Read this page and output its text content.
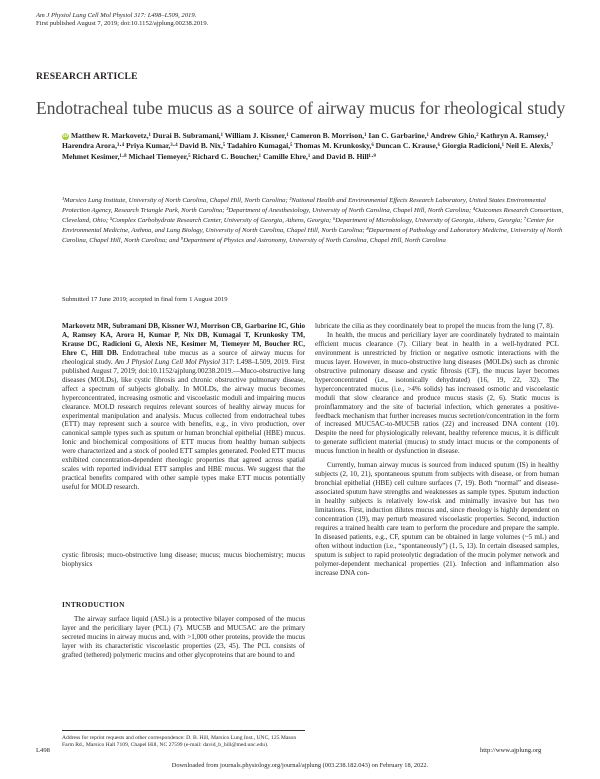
Am J Physiol Lung Cell Mol Physiol 317: L498–L509, 2019.
First published August 7, 2019; doi:10.1152/ajplung.00238.2019.
RESEARCH ARTICLE
Endotracheal tube mucus as a source of airway mucus for rheological study
iD Matthew R. Markovetz,¹ Durai B. Subramani,¹ William J. Kissner,¹ Cameron B. Morrison,¹ Ian C. Garbarine,¹ Andrew Ghio,² Kathryn A. Ramsey,¹ Harendra Arora,³·⁴ Priya Kumar,³·⁴ David B. Nix,⁵ Tadahiro Kumagai,⁵ Thomas M. Krunkosky,⁶ Duncan C. Krause,⁶ Giorgia Radicioni,¹ Neil E. Alexis,⁷ Mehmet Kesimer,¹·⁸ Michael Tiemeyer,⁵ Richard C. Boucher,¹ Camille Ehre,¹ and David B. Hill¹·⁹
¹Marsico Lung Institute, University of North Carolina, Chapel Hill, North Carolina; ²National Health and Environmental Effects Research Laboratory, United States Environmental Protection Agency, Research Triangle Park, North Carolina; ³Department of Anesthesiology, University of North Carolina, Chapel Hill, North Carolina; ⁴Outcomes Research Consortium, Cleveland, Ohio; ⁵Complex Carbohydrate Research Center, University of Georgia, Athens, Georgia; ⁶Department of Microbiology, University of Georgia, Athens, Georgia; ⁷Center for Environmental Medicine, Asthma, and Lung Biology, University of North Carolina, Chapel Hill, North Carolina; ⁸Department of Pathology and Laboratory Medicine, University of North Carolina, Chapel Hill, North Carolina; and ⁹Department of Physics and Astronomy, University of North Carolina, Chapel Hill, North Carolina
Submitted 17 June 2019; accepted in final form 1 August 2019
Markovetz MR, Subramani DB, Kissner WJ, Morrison CB, Garbarine IC, Ghio A, Ramsey KA, Arora H, Kumar P, Nix DB, Kumagai T, Krunkosky TM, Krause DC, Radicioni G, Alexis NE, Kesimer M, Tiemeyer M, Boucher RC, Ehre C, Hill DB. Endotracheal tube mucus as a source of airway mucus for rheological study. Am J Physiol Lung Cell Mol Physiol 317: L498–L509, 2019. First published August 7, 2019; doi:10.1152/ajplung.00238.2019.—Muco-obstructive lung diseases (MOLDs), like cystic fibrosis and chronic obstructive pulmonary disease, affect a spectrum of subjects globally. In MOLDs, the airway mucus becomes hyperconcentrated, increasing osmotic and viscoelastic moduli and impairing mucus clearance. MOLD research requires relevant sources of healthy airway mucus for experimental manipulation and analysis. Mucus collected from endotracheal tubes (ETT) may represent such a source with benefits, e.g., in vivo production, over canonical sample types such as sputum or human bronchial epithelial (HBE) mucus. Ionic and biochemical compositions of ETT mucus from healthy human subjects were characterized and a stock of pooled ETT samples generated. Pooled ETT mucus exhibited concentration-dependent rheologic properties that agreed across spatial scales with reported individual ETT samples and HBE mucus. We suggest that the practical benefits compared with other sample types make ETT mucus potentially useful for MOLD research.
cystic fibrosis; muco-obstructive lung disease; mucus; mucus biochemistry; mucus biophysics
INTRODUCTION

The airway surface liquid (ASL) is a protective bilayer composed of the mucus layer and the periciliary layer (PCL) (7). MUC5B and MUC5AC are the primary secreted mucins in airway mucus and, with >1,000 other proteins, provide the mucus layer with its characteristic viscoelastic properties (23, 45). The PCL consists of grafted (tethered) polymeric mucins and other glycoproteins that are bound to and

lubricate the cilia as they coordinately beat to propel the mucus from the lung (7, 8).

In health, the mucus and periciliary layer are coordinately hydrated to maintain efficient mucus clearance (7). Ciliary beat in health in a well-hydrated PCL environment is unrestricted by friction or negative osmotic interactions with the mucus layer. However, in muco-obstructive lung diseases (MOLDs) such as chronic obstructive pulmonary disease and cystic fibrosis (CF), the mucus layer becomes hyperconcentrated (i.e., isotonically dehydrated) (16, 19, 22, 32). The hyperconcentrated mucus (i.e., >4% solids) has increased osmotic and viscoelastic moduli that slow clearance and produce mucus stasis (2, 6). Static mucus is proinflammatory and the site of bacterial infection, which generates a positive-feedback mechanism that further increases mucus secretion/concentration in the form of increased MUC5AC-to-MUC5B ratios (22) and increased DNA content (10). Despite the need for physiologically relevant, healthy reference mucus, it is difficult to generate sufficient material (mucus) to study intact mucus or the components of mucus function in health or dysfunction in disease.

Currently, human airway mucus is sourced from induced sputum (IS) in healthy subjects (2, 10, 21), spontaneous sputum from subjects with disease, or from human bronchial epithelial (HBE) cell culture surfaces (7, 19). Both “normal” and disease-associated sputum have strengths and weaknesses as sample types. Sputum induction in healthy subjects is relatively low-risk and minimally invasive but has two limitations. First, induction dilutes mucus and, since rheology is highly dependent on concentration (19), may perturb measured viscoelastic properties. Second, induction requires a trained health care team to perform the procedure and prepare the sample. In diseased patients, e.g., CF, sputum can be obtained in large volumes (~5 mL) and often without induction (i.e., “spontaneously”) (1, 5, 13). In certain diseased samples, sputum is subject to rapid proteolytic degradation of the mucin polymer network and polymer-dependent mechanical properties (21). Infection and inflammation also increase DNA con-

Address for reprint requests and other correspondence: D. B. Hill, Marsico Lung Inst., UNC, 125 Mason Farm Rd., Marsico Hall 7109, Chapel Hill, NC 27599 (e-mail: david_b_hill@med.unc.edu).
L498	http://www.ajplung.org
Downloaded from journals.physiology.org/journal/ajplung (003.238.182.043) on February 18, 2022.
